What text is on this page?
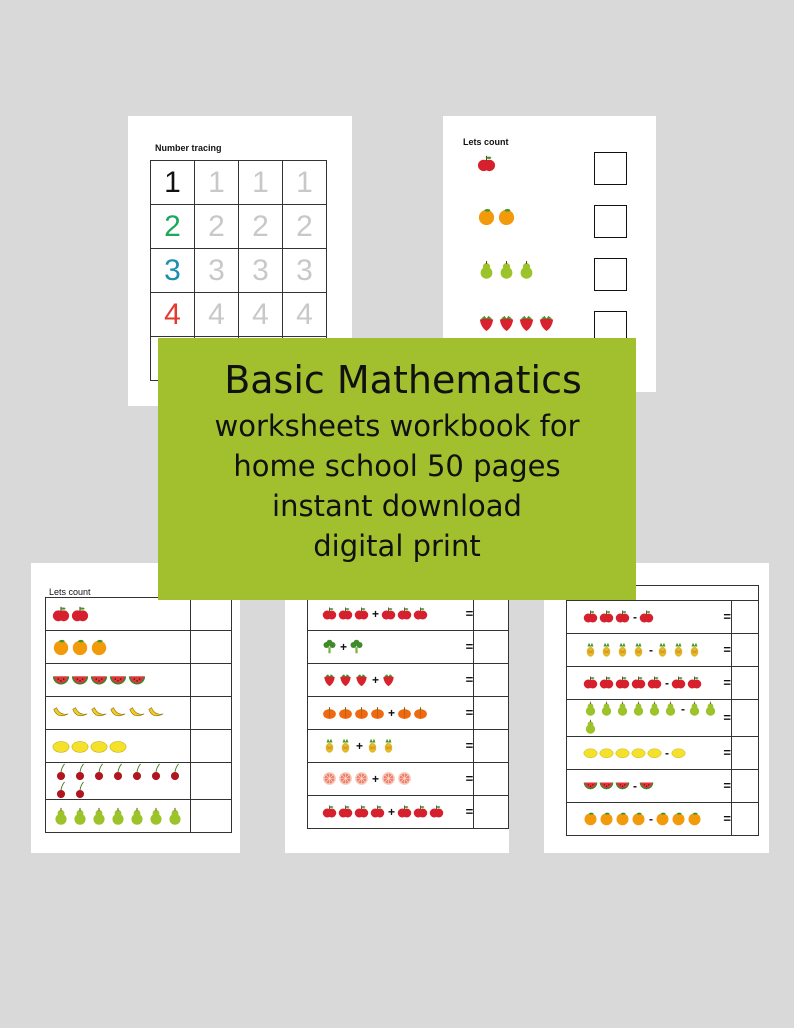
Number tracing
1	1	1	1
2	2	2	2
3	3	3	3
4	4	4	4

Lets count
Lets count

+	=	
+	=	
+	=	
+	=	
+	=	
+	=	
+	=	

-	=	
-	=	
-	=	
-	=	
-	=	
-	=	
-	=	
Basic Mathematics
worksheets workbook for
home school 50 pages
instant download
digital print
